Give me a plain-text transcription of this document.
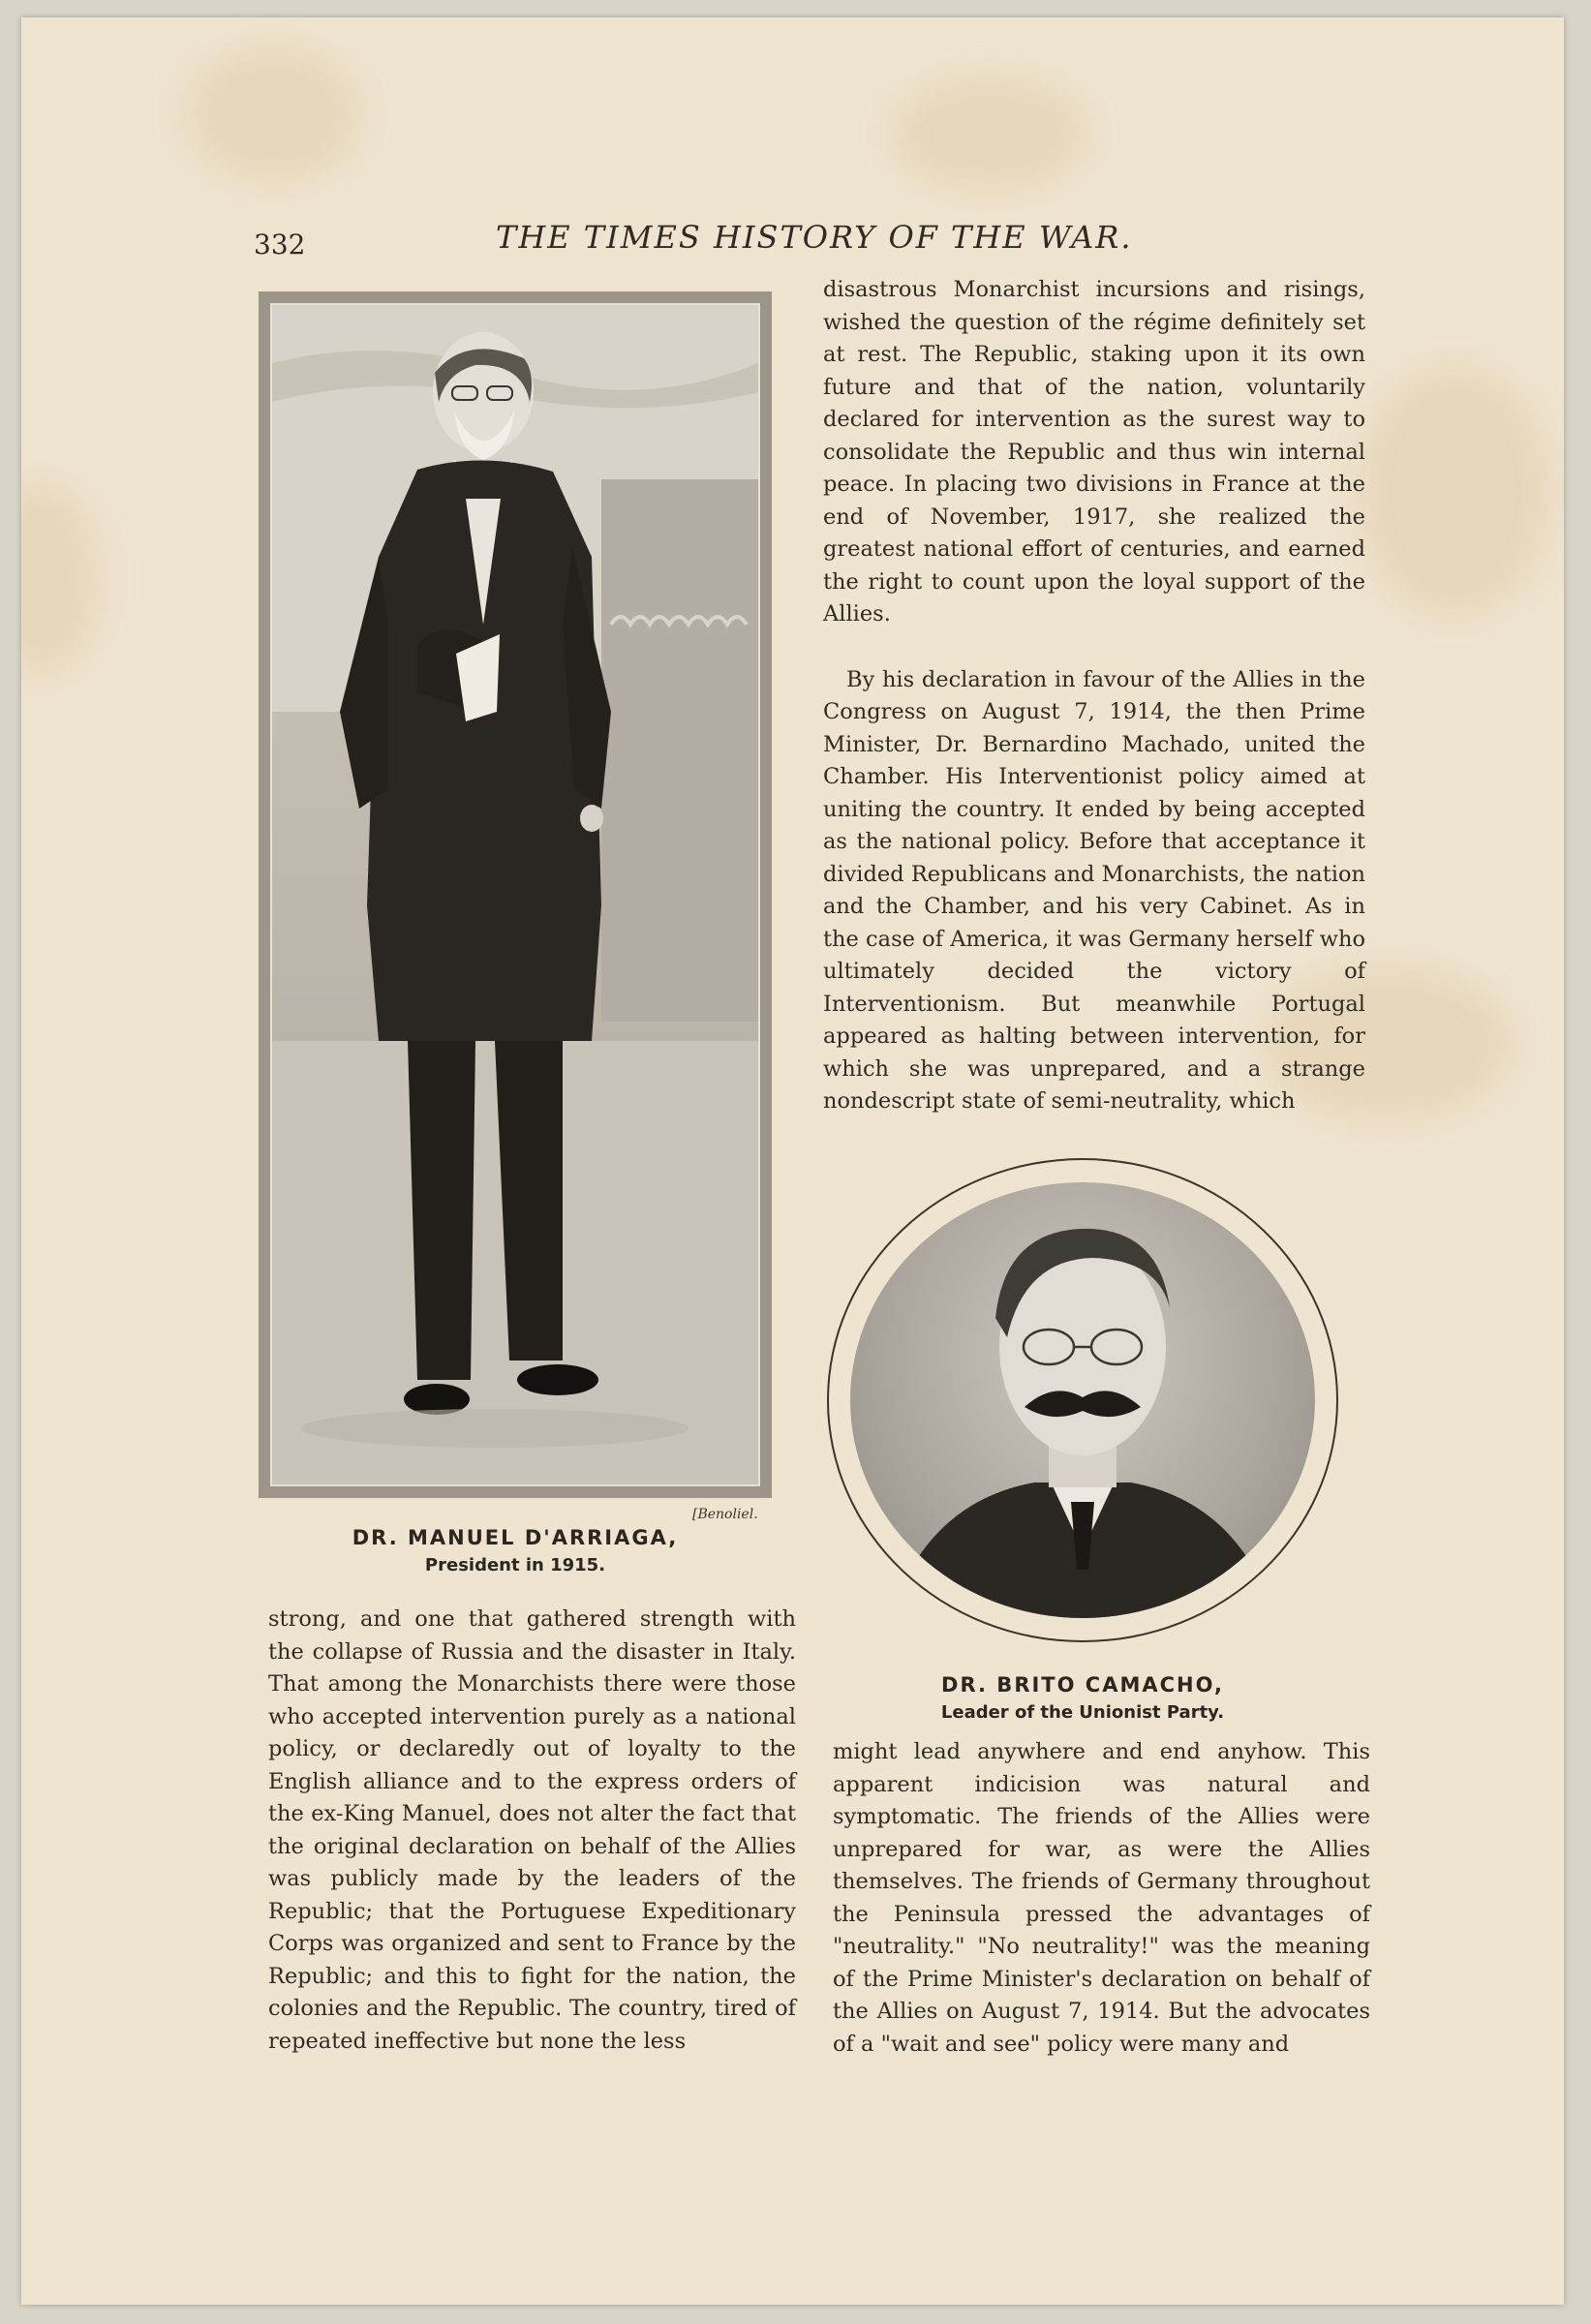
332	THE TIMES HISTORY OF THE WAR.
[Benoliel.
DR. MANUEL D'ARRIAGA,
President in 1915.

disastrous Monarchist incursions and risings, wished the question of the régime definitely set at rest. The Republic, staking upon it its own future and that of the nation, voluntarily declared for intervention as the surest way to consolidate the Republic and thus win internal peace. In placing two divisions in France at the end of November, 1917, she realized the greatest national effort of centuries, and earned the right to count upon the loyal support of the Allies.

By his declaration in favour of the Allies in the Congress on August 7, 1914, the then Prime Minister, Dr. Bernardino Machado, united the Chamber. His Interventionist policy aimed at uniting the country. It ended by being accepted as the national policy. Before that acceptance it divided Republicans and Monarchists, the nation and the Chamber, and his very Cabinet. As in the case of America, it was Germany herself who ultimately decided the victory of Interventionism. But meanwhile Portugal appeared as halting between intervention, for which she was unprepared, and a strange nondescript state of semi-neutrality, which

DR. BRITO CAMACHO,
Leader of the Unionist Party.

strong, and one that gathered strength with the collapse of Russia and the disaster in Italy. That among the Monarchists there were those who accepted intervention purely as a national policy, or declaredly out of loyalty to the English alliance and to the express orders of the ex-King Manuel, does not alter the fact that the original declaration on behalf of the Allies was publicly made by the leaders of the Republic; that the Portuguese Expeditionary Corps was organized and sent to France by the Republic; and this to fight for the nation, the colonies and the Republic. The country, tired of repeated ineffective but none the less

might lead anywhere and end anyhow. This apparent indicision was natural and symptomatic. The friends of the Allies were unprepared for war, as were the Allies themselves. The friends of Germany throughout the Peninsula pressed the advantages of "neutrality." "No neutrality!" was the meaning of the Prime Minister's declaration on behalf of the Allies on August 7, 1914. But the advocates of a "wait and see" policy were many and
